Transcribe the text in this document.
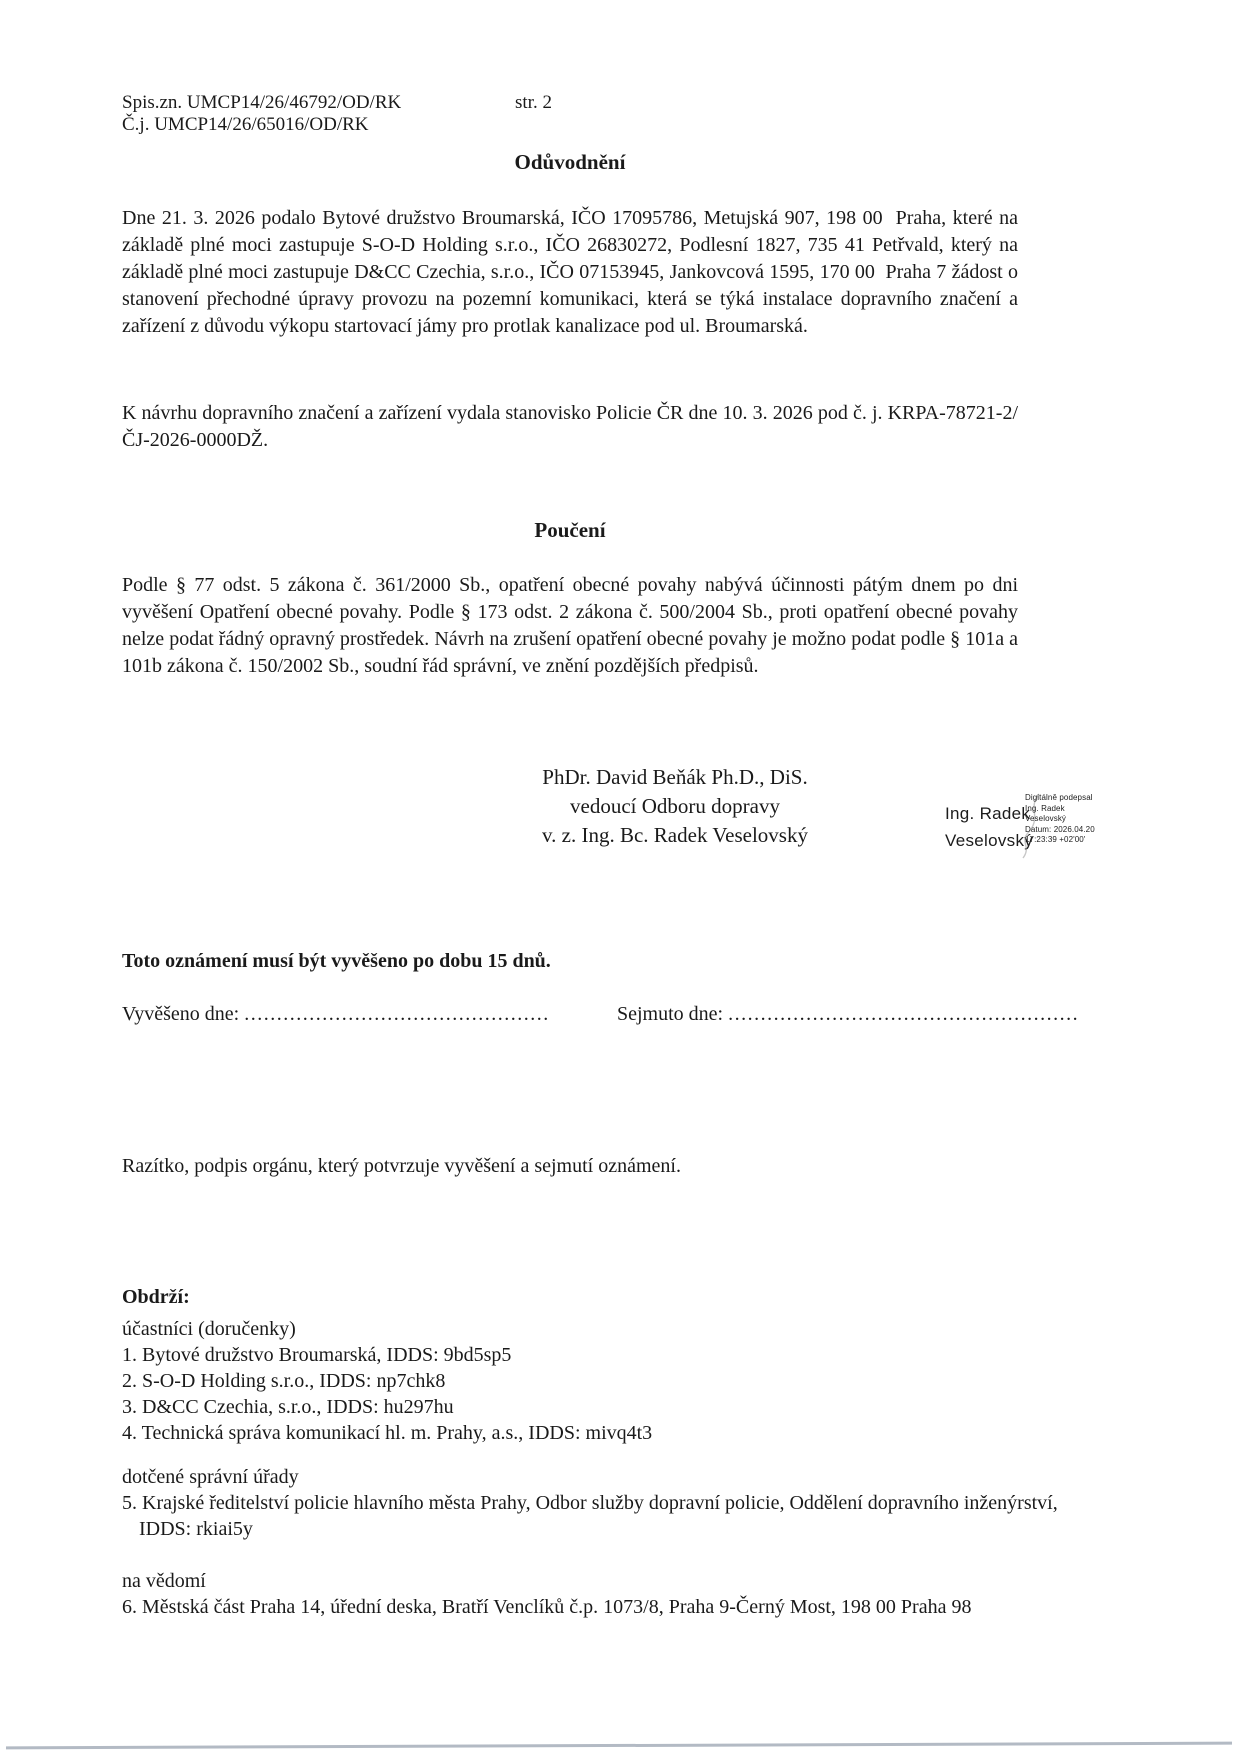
Spis.zn. UMCP14/26/46792/OD/RK
Č.j. UMCP14/26/65016/OD/RK
str. 2
Odůvodnění
Dne 21. 3. 2026 podalo Bytové družstvo Broumarská, IČO 17095786, Metujská 907, 198 00  Praha, které na základě plné moci zastupuje S-O-D Holding s.r.o., IČO 26830272, Podlesní 1827, 735 41 Petřvald, který na základě plné moci zastupuje D&CC Czechia, s.r.o., IČO 07153945, Jankovcová 1595, 170 00  Praha 7 žádost o stanovení přechodné úpravy provozu na pozemní komunikaci, která se týká instalace dopravního značení a zařízení z důvodu výkopu startovací jámy pro protlak kanalizace pod ul. Broumarská.
K návrhu dopravního značení a zařízení vydala stanovisko Policie ČR dne 10. 3. 2026 pod č. j. KRPA-78721-2/ČJ-2026-0000DŽ.
Poučení
Podle § 77 odst. 5 zákona č. 361/2000 Sb., opatření obecné povahy nabývá účinnosti pátým dnem po dni vyvěšení Opatření obecné povahy. Podle § 173 odst. 2 zákona č. 500/2004 Sb., proti opatření obecné povahy nelze podat řádný opravný prostředek. Návrh na zrušení opatření obecné povahy je možno podat podle § 101a a 101b zákona č. 150/2002 Sb., soudní řád správní, ve znění pozdějších předpisů.
PhDr. David Beňák Ph.D., DiS.
vedoucí Odboru dopravy
v. z. Ing. Bc. Radek Veselovský
Ing. Radek
Veselovský
Digitálně podepsal
Ing. Radek
Veselovský
Datum: 2026.04.20
17:23:39 +02'00'
Toto oznámení musí být vyvěšeno po dobu 15 dnů.
Vyvěšeno dne: ...............................................	Sejmuto dne: ......................................................
Razítko, podpis orgánu, který potvrzuje vyvěšení a sejmutí oznámení.
Obdrží:
účastníci (doručenky)
1. Bytové družstvo Broumarská, IDDS: 9bd5sp5
2. S-O-D Holding s.r.o., IDDS: np7chk8
3. D&CC Czechia, s.r.o., IDDS: hu297hu
4. Technická správa komunikací hl. m. Prahy, a.s., IDDS: mivq4t3
dotčené správní úřady
5. Krajské ředitelství policie hlavního města Prahy, Odbor služby dopravní policie, Oddělení dopravního inženýrství, IDDS: rkiai5y
na vědomí
6. Městská část Praha 14, úřední deska, Bratří Venclíků č.p. 1073/8, Praha 9-Černý Most, 198 00 Praha 98
